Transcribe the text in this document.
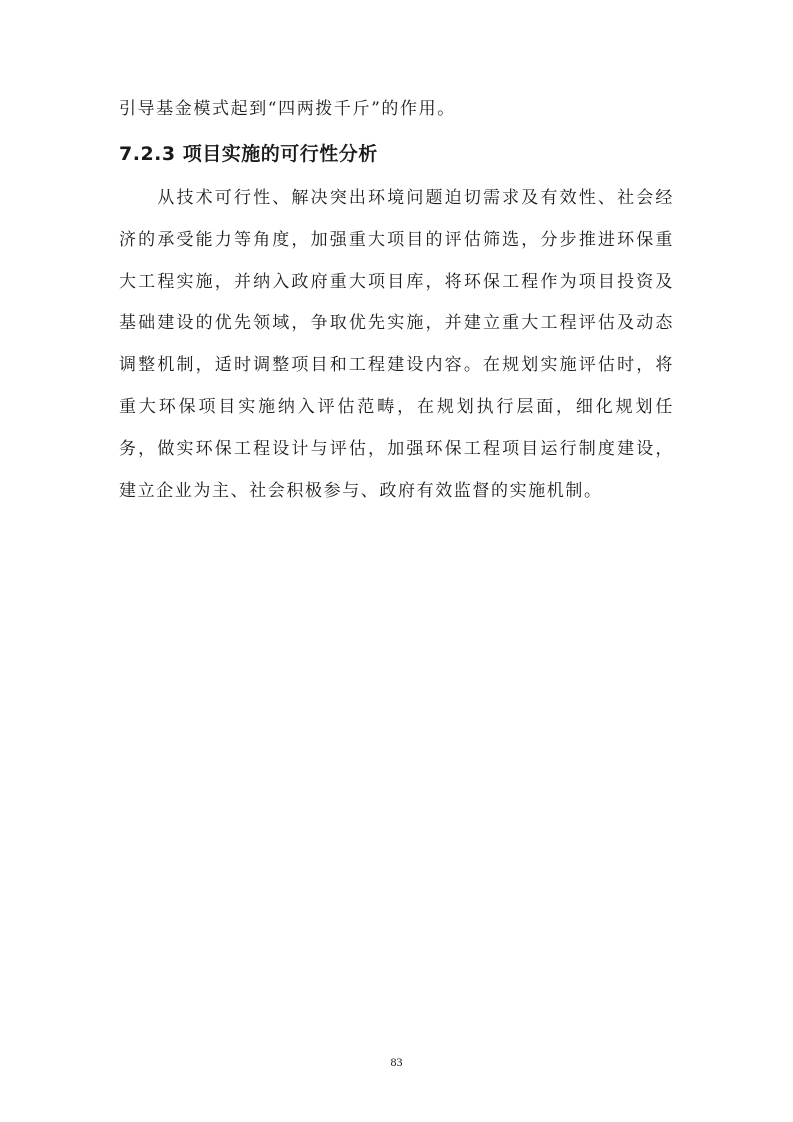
引导基金模式起到“四两拨千斤”的作用。

7.2.3 项目实施的可行性分析

　　从技术可行性、解决突出环境问题迫切需求及有效性、社会经

济的承受能力等角度，加强重大项目的评估筛选，分步推进环保重

大工程实施，并纳入政府重大项目库，将环保工程作为项目投资及

基础建设的优先领域，争取优先实施，并建立重大工程评估及动态

调整机制，适时调整项目和工程建设内容。在规划实施评估时，将

重大环保项目实施纳入评估范畴，在规划执行层面，细化规划任

务，做实环保工程设计与评估，加强环保工程项目运行制度建设，

建立企业为主、社会积极参与、政府有效监督的实施机制。

83
